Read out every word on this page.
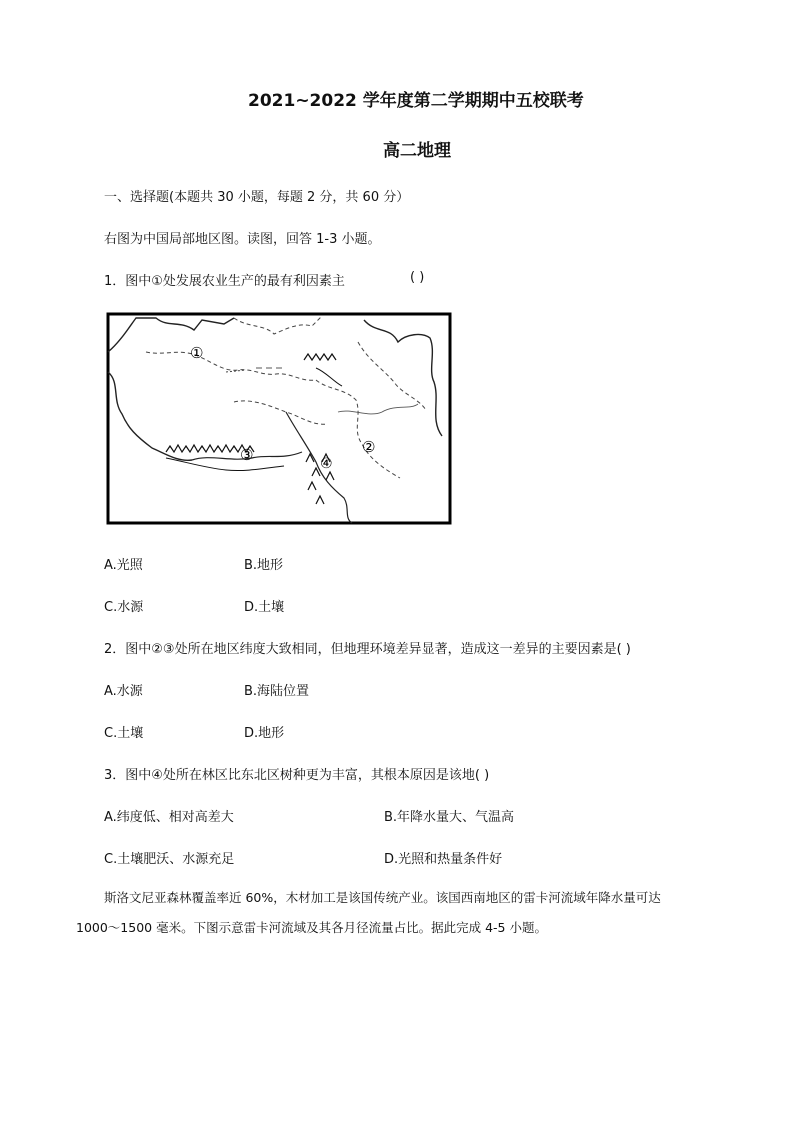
2021~2022 学年度第二学期期中五校联考
高二地理
一、选择题(本题共 30 小题，每题 2 分，共 60 分）
右图为中国局部地区图。读图，回答 1-3 小题。
1．图中①处发展农业生产的最有利因素主	( )
①
②
③	④
A.光照	B.地形
C.水源	D.土壤
2．图中②③处所在地区纬度大致相同，但地理环境差异显著，造成这一差异的主要因素是( )
A.水源	B.海陆位置
C.土壤	D.地形
3．图中④处所在林区比东北区树种更为丰富，其根本原因是该地( )
A.纬度低、相对高差大	B.年降水量大、气温高
C.土壤肥沃、水源充足	D.光照和热量条件好
斯洛文尼亚森林覆盖率近 60%，木材加工是该国传统产业。该国西南地区的雷卡河流域年降水量可达
1000～1500 毫米。下图示意雷卡河流域及其各月径流量占比。据此完成 4-5 小题。
